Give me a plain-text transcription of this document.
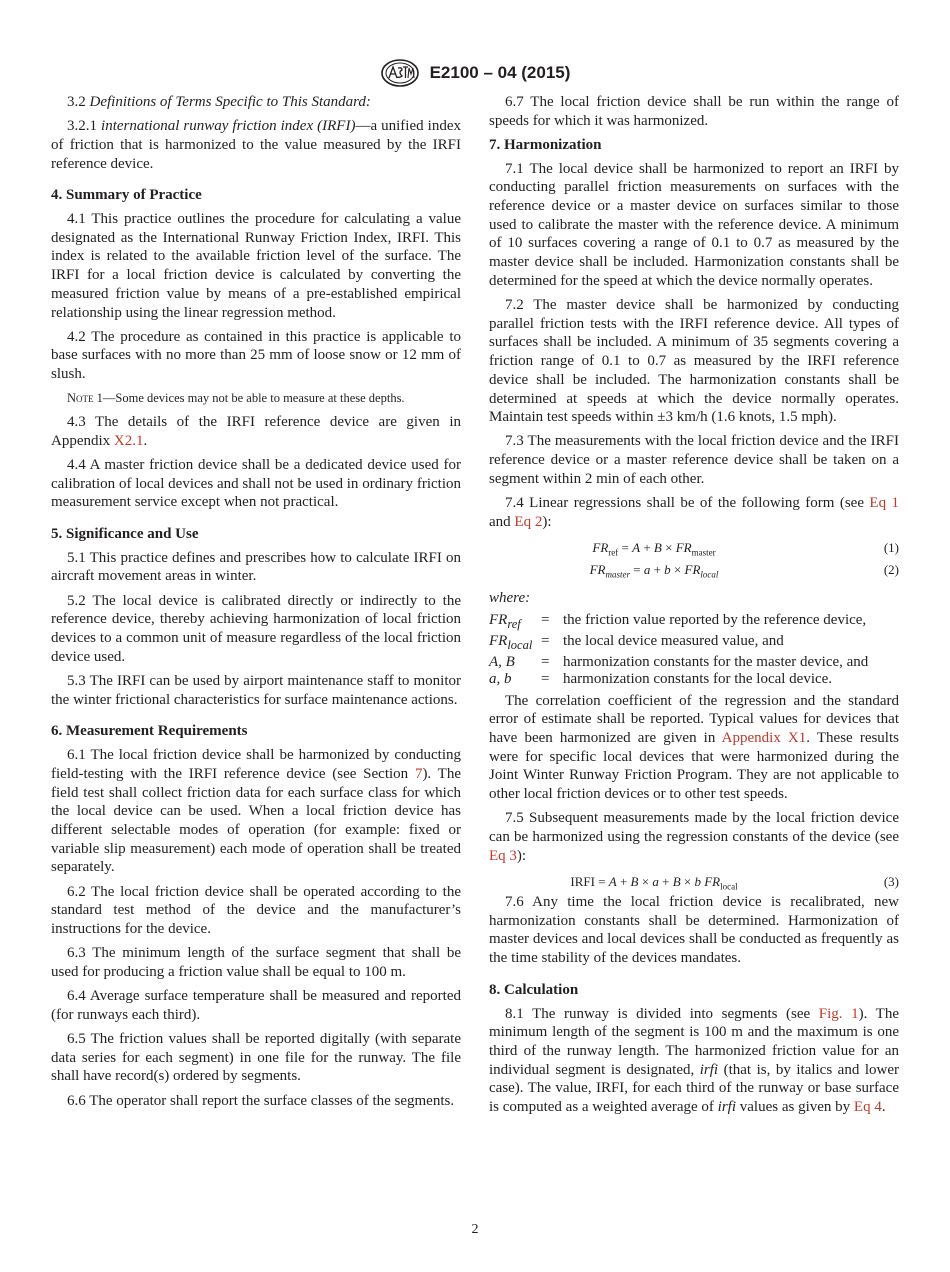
E2100 – 04 (2015)

3.2 Definitions of Terms Specific to This Standard:

3.2.1 international runway friction index (IRFI)—a unified index of friction that is harmonized to the value measured by the IRFI reference device.

4. Summary of Practice

4.1 This practice outlines the procedure for calculating a value designated as the International Runway Friction Index, IRFI. This index is related to the available friction level of the surface. The IRFI for a local friction device is calculated by converting the measured friction value by means of a pre-established empirical relationship using the linear regression method.

4.2 The procedure as contained in this practice is applicable to base surfaces with no more than 25 mm of loose snow or 12 mm of slush.

Note 1—Some devices may not be able to measure at these depths.

4.3 The details of the IRFI reference device are given in Appendix X2.1.

4.4 A master friction device shall be a dedicated device used for calibration of local devices and shall not be used in ordinary friction measurement service except when not practical.

5. Significance and Use

5.1 This practice defines and prescribes how to calculate IRFI on aircraft movement areas in winter.

5.2 The local device is calibrated directly or indirectly to the reference device, thereby achieving harmonization of local friction devices to a common unit of measure regardless of the local friction device used.

5.3 The IRFI can be used by airport maintenance staff to monitor the winter frictional characteristics for surface maintenance actions.

6. Measurement Requirements

6.1 The local friction device shall be harmonized by conducting field-testing with the IRFI reference device (see Section 7). The field test shall collect friction data for each surface class for which the local device can be used. When a local friction device has different selectable modes of operation (for example: fixed or variable slip measurement) each mode of operation shall be treated separately.

6.2 The local friction device shall be operated according to the standard test method of the device and the manufacturer’s instructions for the device.

6.3 The minimum length of the surface segment that shall be used for producing a friction value shall be equal to 100 m.

6.4 Average surface temperature shall be measured and reported (for runways each third).

6.5 The friction values shall be reported digitally (with separate data series for each segment) in one file for the runway. The file shall have record(s) ordered by segments.

6.6 The operator shall report the surface classes of the segments.

6.7 The local friction device shall be run within the range of speeds for which it was harmonized.

7. Harmonization

7.1 The local device shall be harmonized to report an IRFI by conducting parallel friction measurements on surfaces with the reference device or a master device on surfaces similar to those used to calibrate the master with the reference device. A minimum of 10 surfaces covering a range of 0.1 to 0.7 as measured by the master device shall be included. Harmonization constants shall be determined for the speed at which the device normally operates.

7.2 The master device shall be harmonized by conducting parallel friction tests with the IRFI reference device. All types of surfaces shall be included. A minimum of 35 segments covering a friction range of 0.1 to 0.7 as measured by the IRFI reference device shall be included. The harmonization constants shall be determined at speeds at which the device normally operates. Maintain test speeds within ±3 km/h (1.6 knots, 1.5 mph).

7.3 The measurements with the local friction device and the IRFI reference device or a master reference device shall be taken on a segment within 2 min of each other.

7.4 Linear regressions shall be of the following form (see Eq 1 and Eq 2):

$FR_{ref} = A + B \times FR_{master}$	(1)
$FR_{master} = a + b \times FR_{local}$	(2)
where:
$FR_{ref}$	=	the friction value reported by the reference device,
$FR_{local}$	=	the local device measured value, and
A, B	=	harmonization constants for the master device, and
a, b	=	harmonization constants for the local device.

The correlation coefficient of the regression and the standard error of estimate shall be reported. Typical values for devices that have been harmonized are given in Appendix X1. These results were for specific local devices that were harmonized during the Joint Winter Runway Friction Program. They are not applicable to other local friction devices or to other test speeds.

7.5 Subsequent measurements made by the local friction device can be harmonized using the regression constants of the device (see Eq 3):

IRFI = A + B × a + B × b $FR_{local}$	(3)

7.6 Any time the local friction device is recalibrated, new harmonization constants shall be determined. Harmonization of master devices and local devices shall be conducted as frequently as the time stability of the devices mandates.

8. Calculation

8.1 The runway is divided into segments (see Fig. 1). The minimum length of the segment is 100 m and the maximum is one third of the runway length. The harmonized friction value for an individual segment is designated, irfi (that is, by italics and lower case). The value, IRFI, for each third of the runway or base surface is computed as a weighted average of irfi values as given by Eq 4.

2
